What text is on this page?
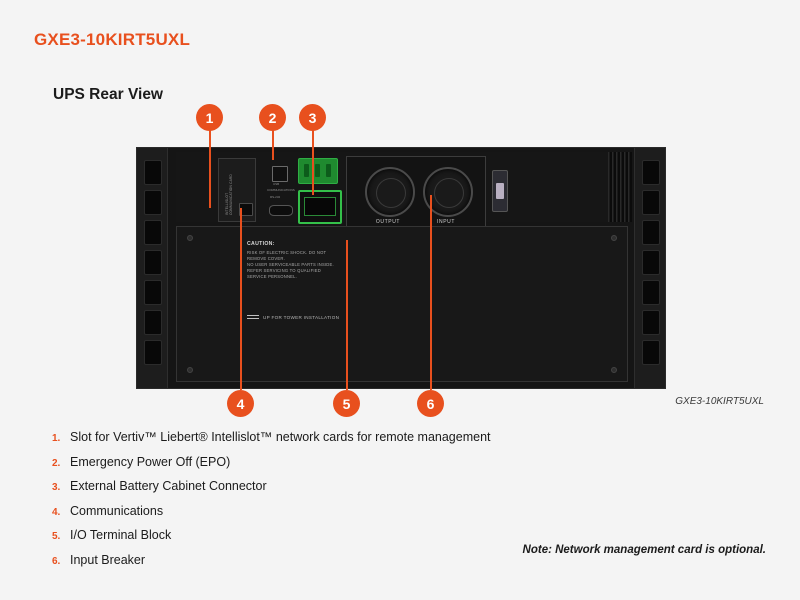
GXE3-10KIRT5UXL
UPS Rear View
1	2 3
4	5	6
INTELLISLOT COMMUNICATION CARD	USB
COMMUNICATIONS
RS-232
OUTPUT	INPUT
CAUTION:
RISK OF ELECTRIC SHOCK. DO NOT
REMOVE COVER.
NO USER SERVICEABLE PARTS INSIDE.
REFER SERVICING TO QUALIFIED
SERVICE PERSONNEL.
UP FOR TOWER INSTALLATION
GXE3-10KIRT5UXL
1. Slot for Vertiv™ Liebert® Intellislot™ network cards for remote management
2. Emergency Power Off (EPO)
3. External Battery Cabinet Connector
4. Communications
5. I/O Terminal Block
6. Input Breaker
Note: Network management card is optional.
